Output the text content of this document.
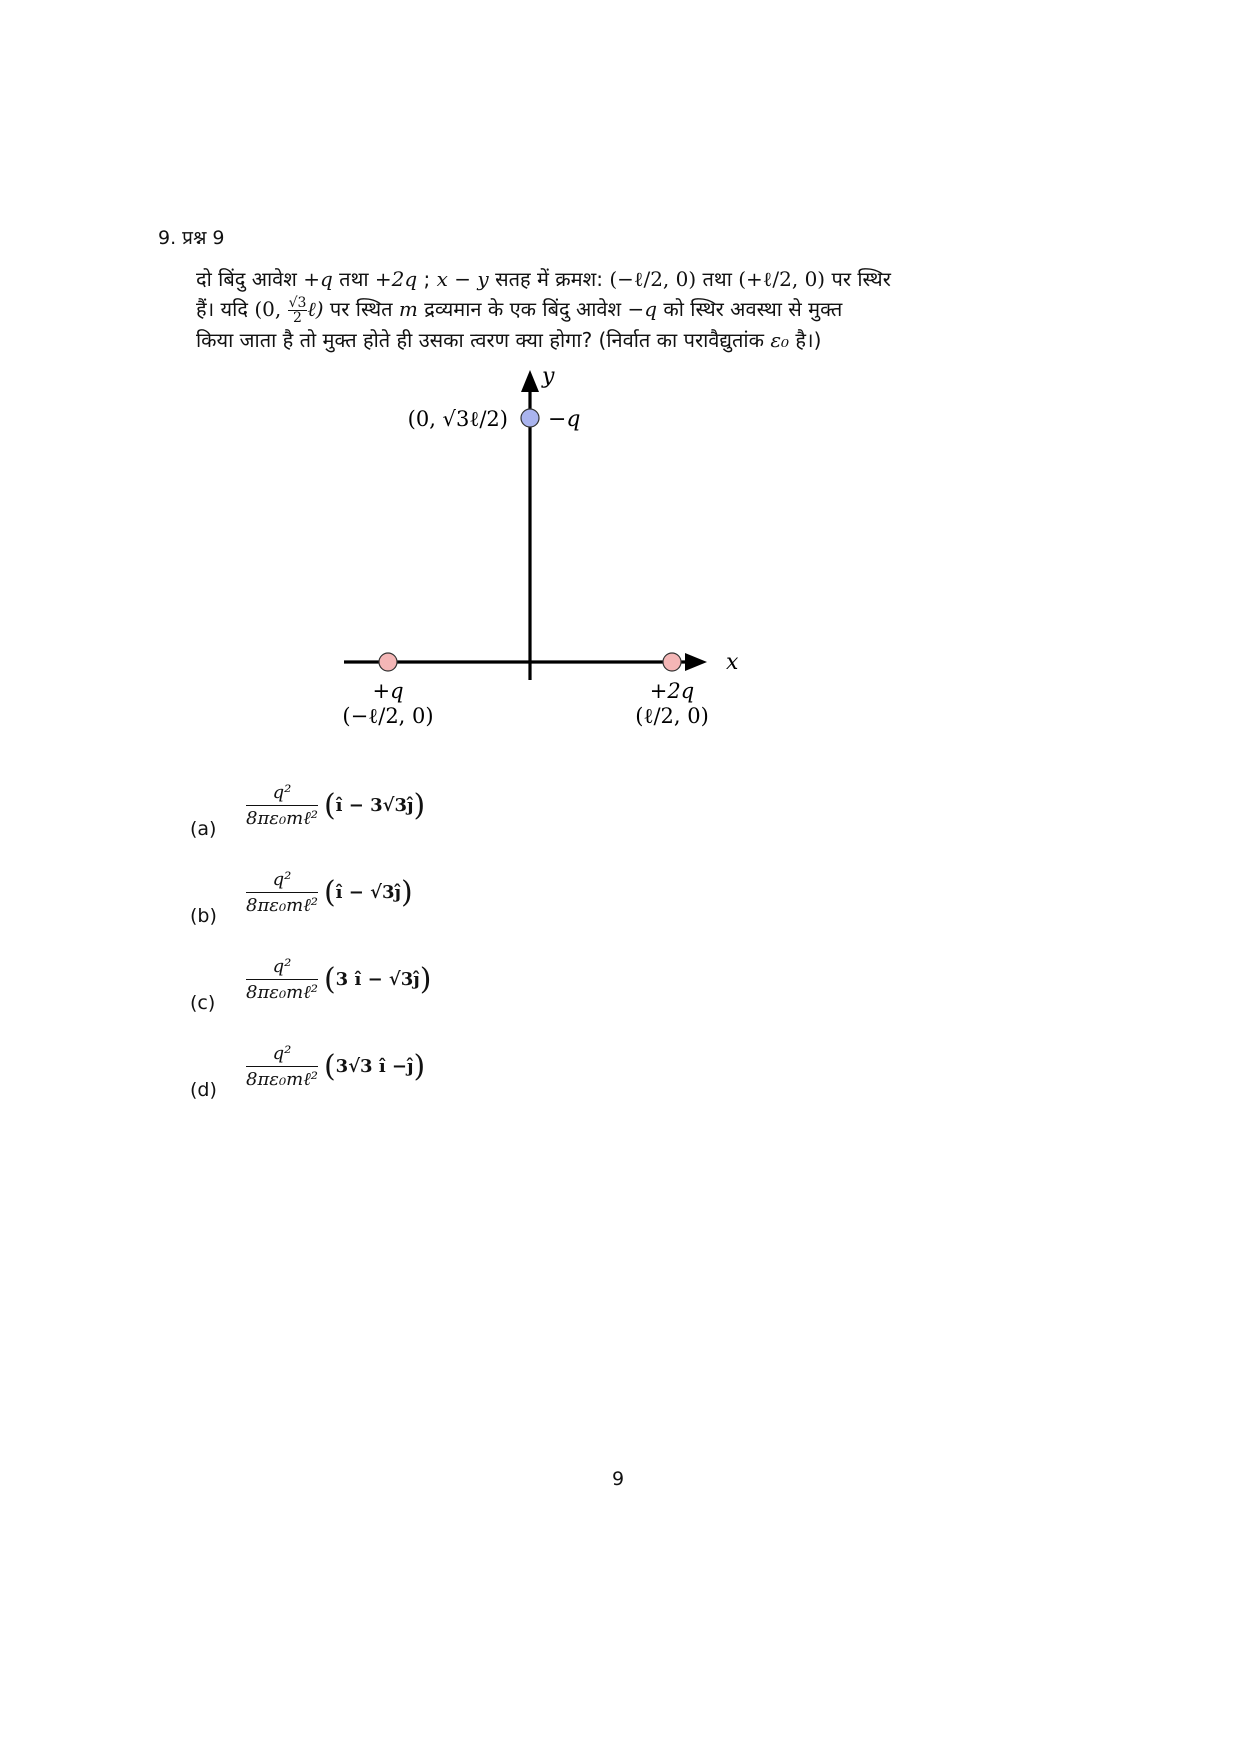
9. प्रश्न 9
दो बिंदु आवेश +q तथा +2q ; x − y सतह में क्रमश: (−ℓ/2, 0) तथा (+ℓ/2, 0) पर स्थिर
हैं। यदि (0, $\frac{√3}{2}$ ℓ) पर स्थित m द्रव्यमान के एक बिंदु आवेश −q को स्थिर अवस्था से मुक्त
किया जाता है तो मुक्त होते ही उसका त्वरण क्या होगा? (निर्वात का परावैद्युतांक ε₀ है।)
y
x
(0, √3ℓ/2) −q
+q
(−ℓ/2, 0)
+2q
(ℓ/2, 0)
$(a) \frac{\text{q²}}{\text{8πε₀mℓ²}}$ ( î − 3√3 ĵ )
$(b) \frac{\text{q²}}{\text{8πε₀mℓ²}}$ ( î − √3 ĵ )
$(c) \frac{\text{q²}}{\text{8πε₀mℓ²}}$ ( 3 î − √3 ĵ )
$(d) \frac{\text{q²}}{\text{8πε₀mℓ²}}$ ( 3√3 î − ĵ )
9
